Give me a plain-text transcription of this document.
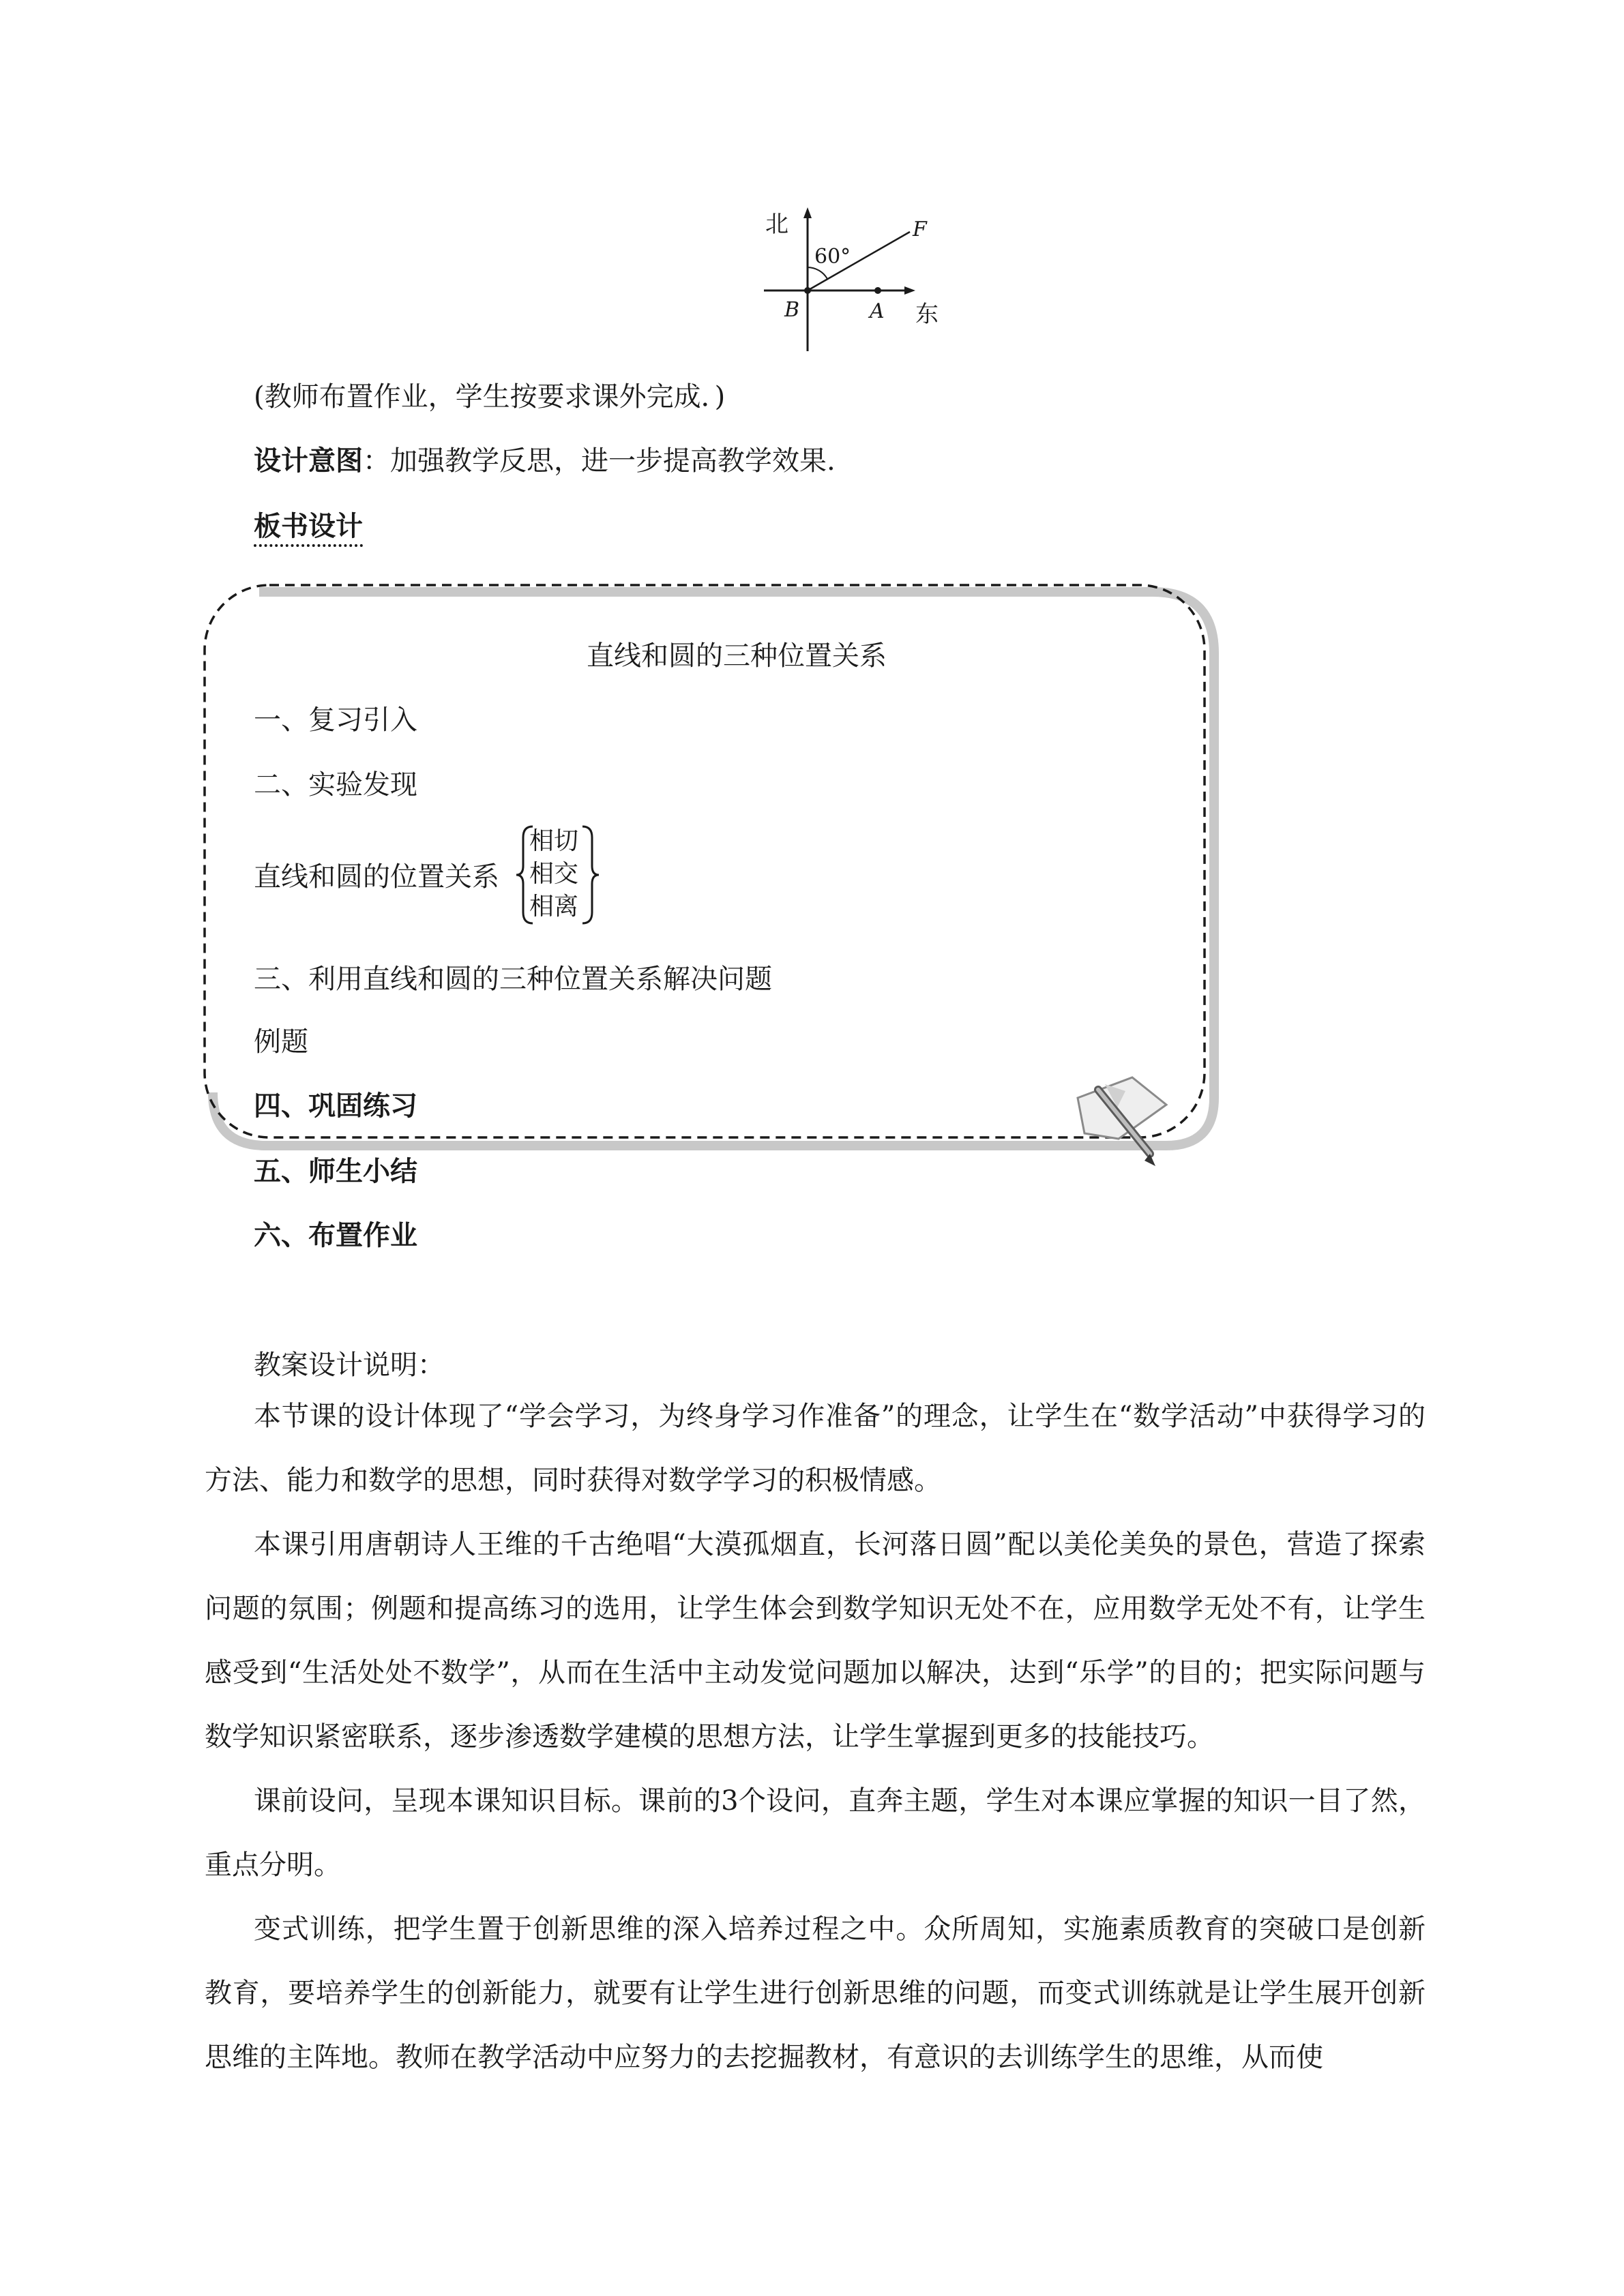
北
东
60°
B	A
F
(教师布置作业，学生按要求课外完成．)
设计意图：加强教学反思，进一步提高教学效果.
板书设计
直线和圆的三种位置关系
一、复习引入
二、实验发现
直线和圆的位置关系
相切
相交
相离
三、利用直线和圆的三种位置关系解决问题
例题
四、巩固练习
五、师生小结
六、布置作业
教案设计说明：

本节课的设计体现了“学会学习，为终身学习作准备”的理念，让学生在“数学活动”中获得学习的方法、能力和数学的思想，同时获得对数学学习的积极情感。

本课引用唐朝诗人王维的千古绝唱“大漠孤烟直，长河落日圆”配以美伦美奂的景色，营造了探索问题的氛围；例题和提高练习的选用，让学生体会到数学知识无处不在，应用数学无处不有，让学生感受到“生活处处不数学”，从而在生活中主动发觉问题加以解决，达到“乐学”的目的；把实际问题与数学知识紧密联系，逐步渗透数学建模的思想方法，让学生掌握到更多的技能技巧。

课前设问，呈现本课知识目标。课前的3个设问，直奔主题，学生对本课应掌握的知识一目了然，重点分明。

变式训练，把学生置于创新思维的深入培养过程之中。众所周知，实施素质教育的突破口是创新教育，要培养学生的创新能力，就要有让学生进行创新思维的问题，而变式训练就是让学生展开创新思维的主阵地。教师在教学活动中应努力的去挖掘教材，有意识的去训练学生的思维，从而使
